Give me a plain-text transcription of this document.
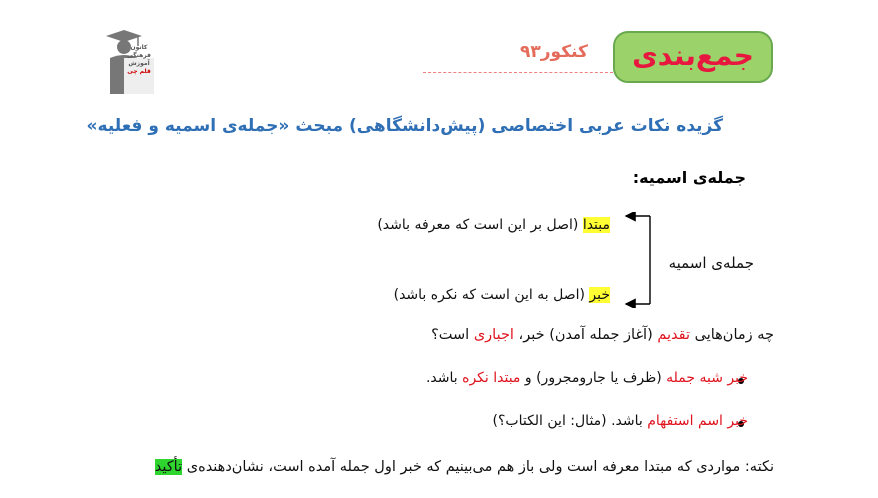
کانون
فرهنگی
آموزش
قلم چی	جمع‌بندی
کنکور۹۳
گزیده نکات عربی اختصاصی (پیش‌دانشگاهی) مبحث «جمله‌ی اسمیه و فعلیه»
جمله‌ی اسمیه:
مبتدا (اصل بر این است که معرفه باشد)
خبر (اصل به این است که نکره باشد)
جمله‌ی اسمیه
چه زمان‌هایی تقدیم (آغاز جمله آمدن) خبر، اجباری است؟
خبر شبه جمله (ظرف یا جارومجرور) و مبتدا نکره باشد.
خبر اسم استفهام باشد. (مثال: این الکتاب؟)
نکته: مواردی که مبتدا معرفه است ولی باز هم می‌بینیم که خبر اول جمله آمده است، نشان‌دهنده‌ی تأکید
